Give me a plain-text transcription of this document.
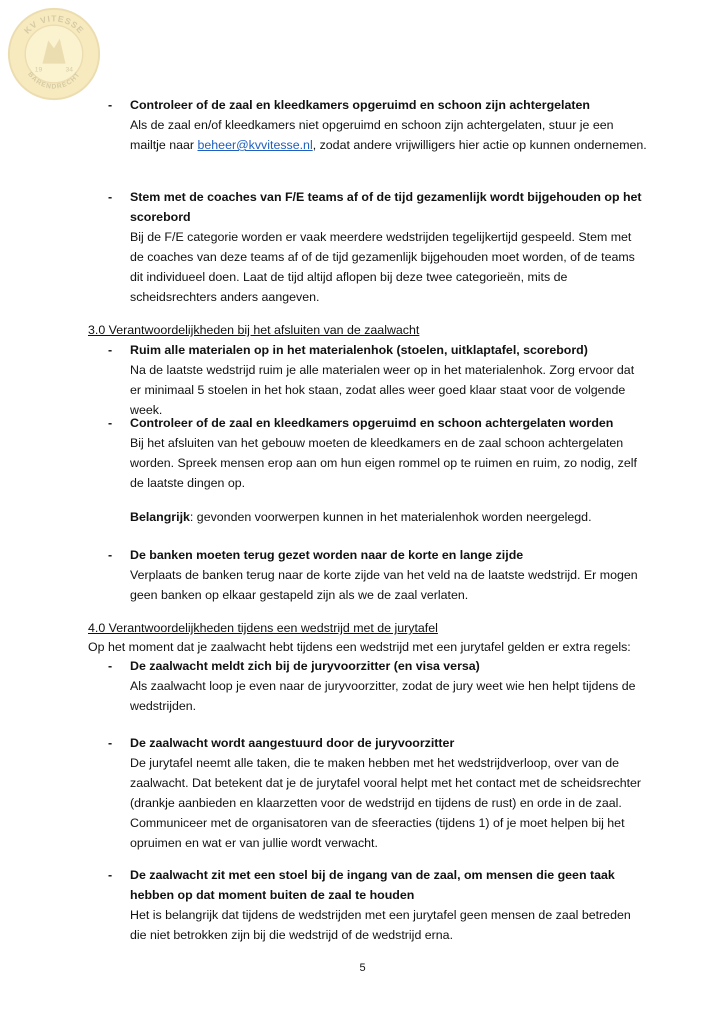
KV VITESSE
BARENDRECHT
19	34
- Controleer of de zaal en kleedkamers opgeruimd en schoon zijn achtergelaten
Als de zaal en/of kleedkamers niet opgeruimd en schoon zijn achtergelaten, stuur je een mailtje naar beheer@kvvitesse.nl, zodat andere vrijwilligers hier actie op kunnen ondernemen.
- Stem met de coaches van F/E teams af of de tijd gezamenlijk wordt bijgehouden op het scorebord
Bij de F/E categorie worden er vaak meerdere wedstrijden tegelijkertijd gespeeld. Stem met de coaches van deze teams af of de tijd gezamenlijk bijgehouden moet worden, of de teams dit individueel doen. Laat de tijd altijd aflopen bij deze twee categorieën, mits de scheidsrechters anders aangeven.
3.0 Verantwoordelijkheden bij het afsluiten van de zaalwacht
- Ruim alle materialen op in het materialenhok (stoelen, uitklaptafel, scorebord)
Na de laatste wedstrijd ruim je alle materialen weer op in het materialenhok. Zorg ervoor dat er minimaal 5 stoelen in het hok staan, zodat alles weer goed klaar staat voor de volgende week.
- Controleer of de zaal en kleedkamers opgeruimd en schoon achtergelaten worden
Bij het afsluiten van het gebouw moeten de kleedkamers en de zaal schoon achtergelaten worden. Spreek mensen erop aan om hun eigen rommel op te ruimen en ruim, zo nodig, zelf de laatste dingen op.
Belangrijk: gevonden voorwerpen kunnen in het materialenhok worden neergelegd.
- De banken moeten terug gezet worden naar de korte en lange zijde
Verplaats de banken terug naar de korte zijde van het veld na de laatste wedstrijd. Er mogen geen banken op elkaar gestapeld zijn als we de zaal verlaten.
4.0 Verantwoordelijkheden tijdens een wedstrijd met de jurytafel
Op het moment dat je zaalwacht hebt tijdens een wedstrijd met een jurytafel gelden er extra regels:
- De zaalwacht meldt zich bij de juryvoorzitter (en visa versa)
Als zaalwacht loop je even naar de juryvoorzitter, zodat de jury weet wie hen helpt tijdens de wedstrijden.
- De zaalwacht wordt aangestuurd door de juryvoorzitter
De jurytafel neemt alle taken, die te maken hebben met het wedstrijdverloop, over van de zaalwacht. Dat betekent dat je de jurytafel vooral helpt met het contact met de scheidsrechter (drankje aanbieden en klaarzetten voor de wedstrijd en tijdens de rust) en orde in de zaal. Communiceer met de organisatoren van de sfeeracties (tijdens 1) of je moet helpen bij het opruimen en wat er van jullie wordt verwacht.
- De zaalwacht zit met een stoel bij de ingang van de zaal, om mensen die geen taak hebben op dat moment buiten de zaal te houden
Het is belangrijk dat tijdens de wedstrijden met een jurytafel geen mensen de zaal betreden die niet betrokken zijn bij die wedstrijd of de wedstrijd erna.
5
